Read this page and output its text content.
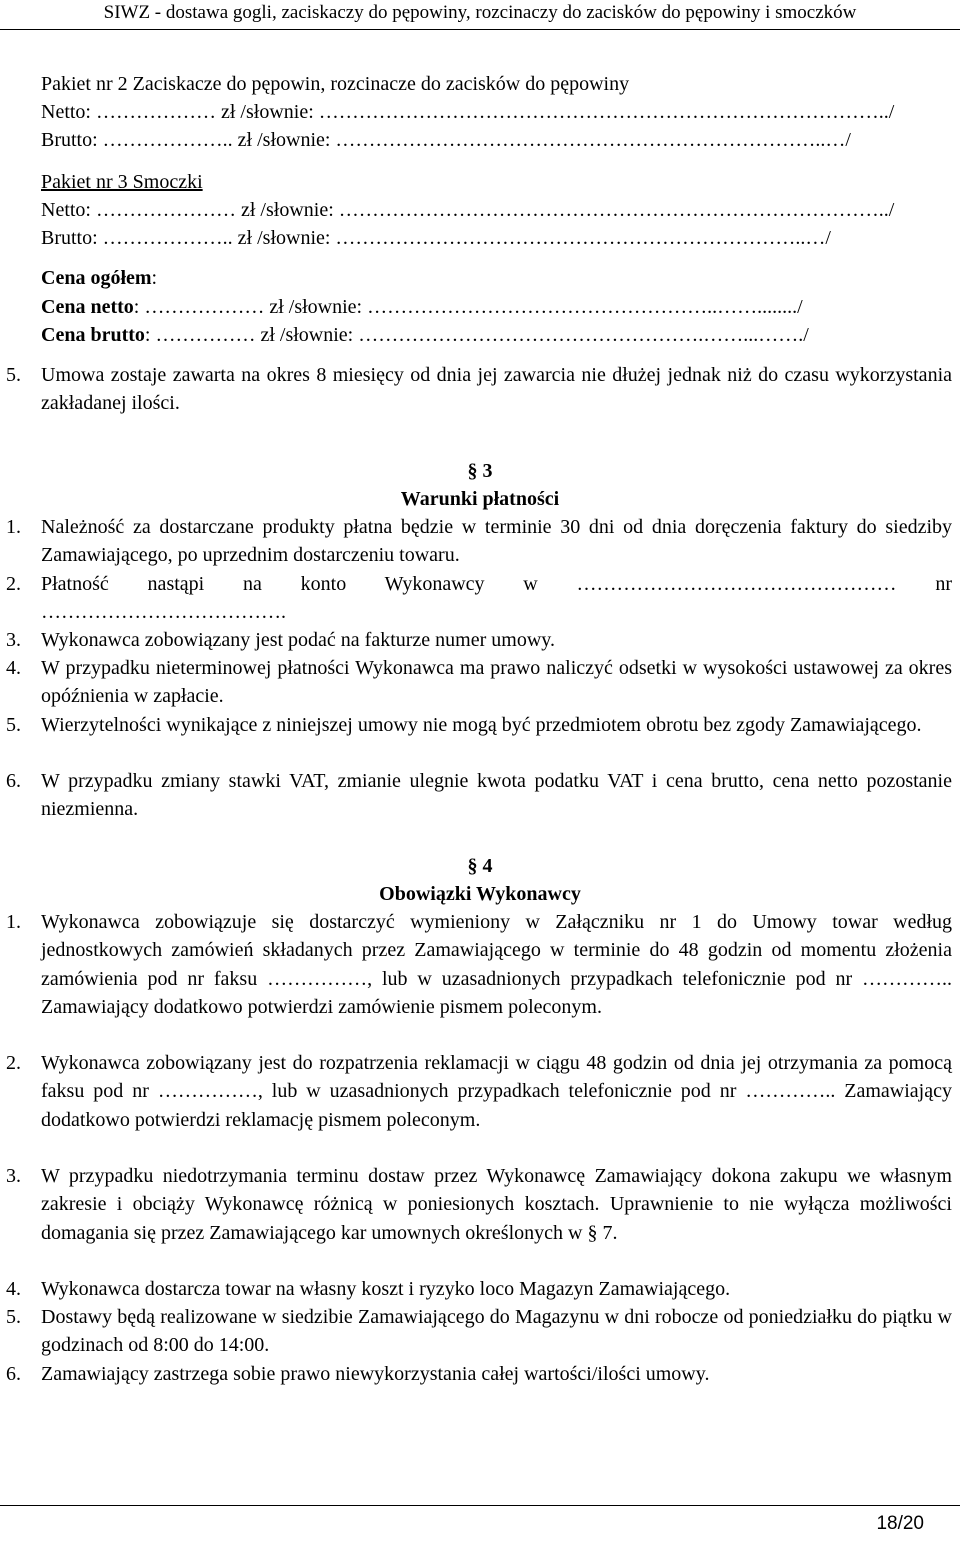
SIWZ - dostawa gogli, zaciskaczy do pępowiny, rozcinaczy do zacisków do pępowiny i smoczków
Pakiet nr 2 Zaciskacze do pępowin, rozcinacze do zacisków do pępowiny
Netto: ……………… zł /słownie: …………………………………………………………………………../
Brutto: ……………….. zł /słownie: ………………………………………………………………..…/
Pakiet nr 3 Smoczki
Netto: ………………… zł /słownie: ………………………………………………………………………../
Brutto: ……………….. zł /słownie: ……………………………………………………………..…/
Cena ogółem:
Cena netto: ……………… zł /słownie: ……………………………………………..……......../
Cena brutto: …………… zł /słownie: …………………………………………….……...……./
5.	Umowa zostaje zawarta na okres 8 miesięcy od dnia jej zawarcia nie dłużej jednak niż do czasu wykorzystania zakładanej ilości.
§ 3
Warunki płatności
1.	Należność za dostarczane produkty płatna będzie w terminie 30 dni od dnia doręczenia faktury do siedziby Zamawiającego, po uprzednim dostarczeniu towaru.
2.	Płatność nastąpi na konto Wykonawcy w ………………………………………… nr ……………………………….
3.	Wykonawca zobowiązany jest podać na fakturze numer umowy.
4.	W przypadku nieterminowej płatności Wykonawca ma prawo naliczyć odsetki w wysokości ustawowej za okres opóźnienia w zapłacie.
5.	Wierzytelności wynikające z niniejszej umowy nie mogą być przedmiotem obrotu bez zgody Zamawiającego.
6.	W przypadku zmiany stawki VAT, zmianie ulegnie kwota podatku VAT i cena brutto, cena netto pozostanie niezmienna.
§ 4
Obowiązki Wykonawcy
1.	Wykonawca zobowiązuje się dostarczyć wymieniony w Załączniku nr 1 do Umowy towar według jednostkowych zamówień składanych przez Zamawiającego w terminie do 48 godzin od momentu złożenia zamówienia pod nr faksu ……………, lub w uzasadnionych przypadkach telefonicznie pod nr ………….. Zamawiający dodatkowo potwierdzi zamówienie pismem poleconym.
2.	Wykonawca zobowiązany jest do rozpatrzenia reklamacji w ciągu 48 godzin od dnia jej otrzymania za pomocą faksu pod nr ……………, lub w uzasadnionych przypadkach telefonicznie pod nr ………….. Zamawiający dodatkowo potwierdzi reklamację pismem poleconym.
3.	W przypadku niedotrzymania terminu dostaw przez Wykonawcę Zamawiający dokona zakupu we własnym zakresie i obciąży Wykonawcę różnicą w poniesionych kosztach. Uprawnienie to nie wyłącza możliwości domagania się przez Zamawiającego kar umownych określonych w § 7.
4.	Wykonawca dostarcza towar na własny koszt i ryzyko loco Magazyn Zamawiającego.
5.	Dostawy będą realizowane w siedzibie Zamawiającego do Magazynu w dni robocze od poniedziałku do piątku w godzinach od 8:00 do 14:00.
6.	Zamawiający zastrzega sobie prawo niewykorzystania całej wartości/ilości umowy.
18/20
